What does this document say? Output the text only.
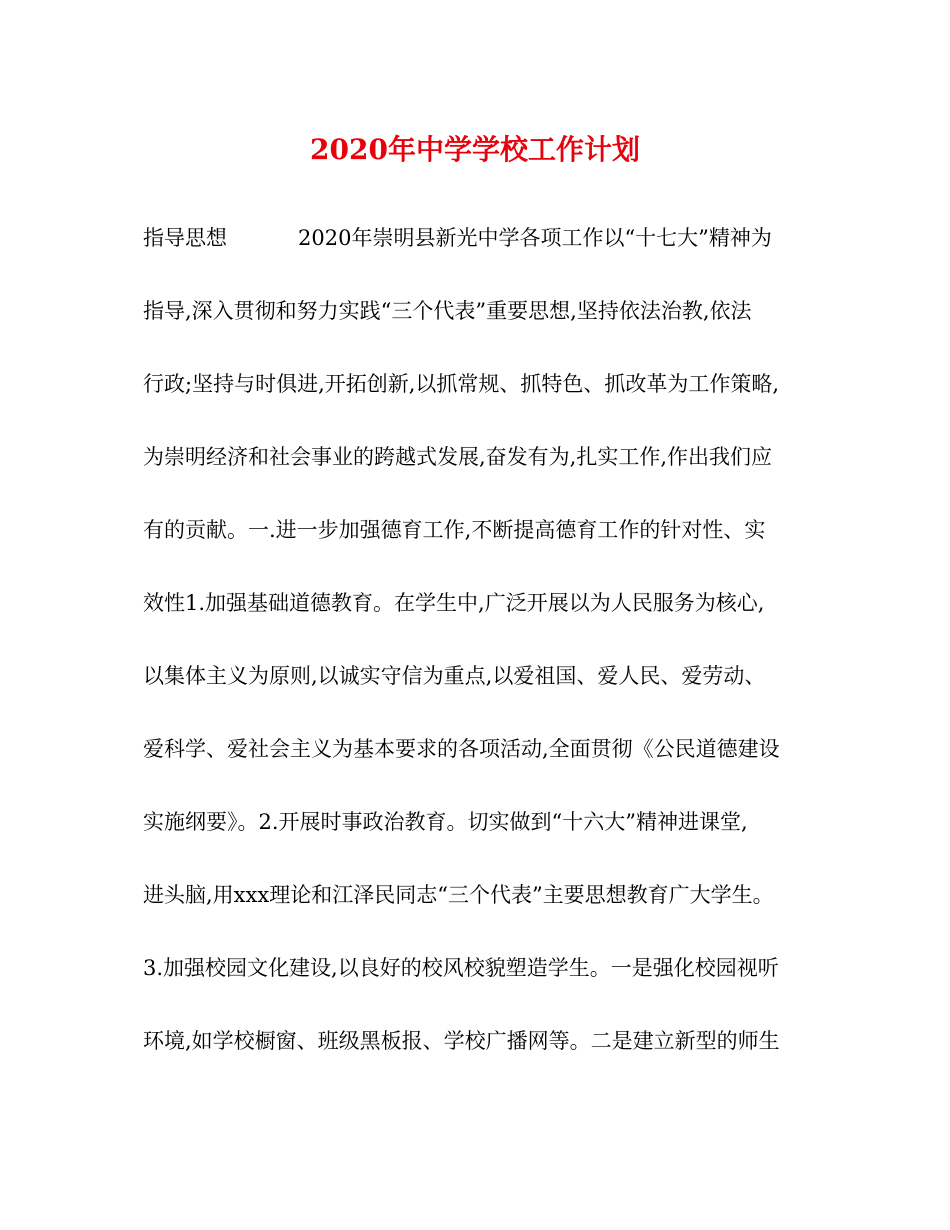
2020年中学学校工作计划
指导思想	2020年崇明县新光中学各项工作以“十七大”精神为
指导,深入贯彻和努力实践“三个代表”重要思想,坚持依法治教,依法
行政;坚持与时俱进,开拓创新,以抓常规、抓特色、抓改革为工作策略,
为崇明经济和社会事业的跨越式发展,奋发有为,扎实工作,作出我们应
有的贡献。一.进一步加强德育工作,不断提高德育工作的针对性、实
效性1.加强基础道德教育。在学生中,广泛开展以为人民服务为核心,
以集体主义为原则,以诚实守信为重点,以爱祖国、爱人民、爱劳动、
爱科学、爱社会主义为基本要求的各项活动,全面贯彻《公民道德建设
实施纲要》。2.开展时事政治教育。切实做到“十六大”精神进课堂,
进头脑,用xxx理论和江泽民同志“三个代表”主要思想教育广大学生。
3.加强校园文化建设,以良好的校风校貌塑造学生。一是强化校园视听
环境,如学校橱窗、班级黑板报、学校广播网等。二是建立新型的师生
